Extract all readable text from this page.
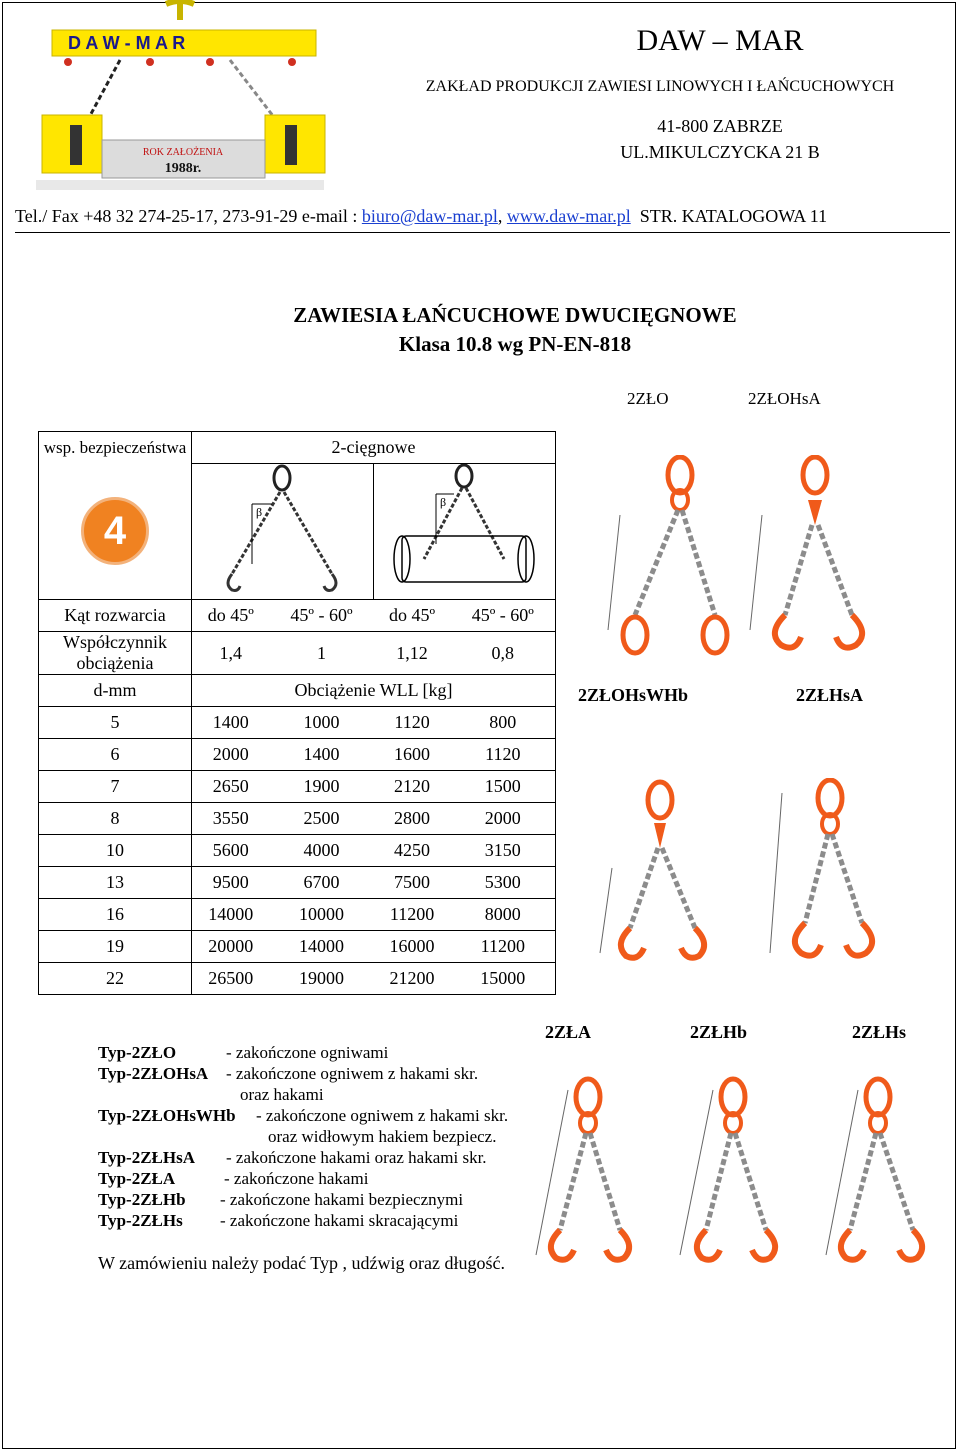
D A W - M A R
ROK ZAŁOŻENIA
1988r.
DAW – MAR
ZAKŁAD PRODUKCJI ZAWIESI LINOWYCH I ŁAŃCUCHOWYCH
41-800 ZABRZE
UL.MIKULCZYCKA 21 B
Tel./ Fax +48 32 274-25-17, 273-91-29 e-mail : biuro@daw-mar.pl, www.daw-mar.pl STR. KATALOGOWA 11
ZAWIESIA ŁAŃCUCHOWE DWUCIĘGNOWE
Klasa 10.8 wg PN-EN-818
wsp. bezpieczeństwa	2-cięgnowe			

4	β		β	

Kąt rozwarcia	do 45º	45º - 60º	do 45º	45º - 60º
Współczynnik obciążenia	1,4	1	1,12	0,8
d-mm	Obciążenie WLL [kg]			
5	1400	1000	1120	800
6	2000	1400	1600	1120
7	2650	1900	2120	1500
8	3550	2500	2800	2000
10	5600	4000	4250	3150
13	9500	6700	7500	5300
16	14000	10000	11200	8000
19	20000	14000	16000	11200
22	26500	19000	21200	15000
2ZŁO	2ZŁOHsA
2ZŁOHsWHb	2ZŁHsA
2ZŁA	2ZŁHb	2ZŁHs
Typ-2ZŁO	- zakończone ogniwami
Typ-2ZŁOHsA - zakończone ogniwem z hakami skr.
oraz hakami
Typ-2ZŁOHsWHb - zakończone ogniwem z hakami skr.
oraz widłowym hakiem bezpiecz.
Typ-2ZŁHsA - zakończone hakami oraz hakami skr.
Typ-2ZŁA	- zakończone hakami
Typ-2ZŁHb - zakończone hakami bezpiecznymi
Typ-2ZŁHs - zakończone hakami skracającymi
W zamówieniu należy podać Typ , udźwig oraz długość.
